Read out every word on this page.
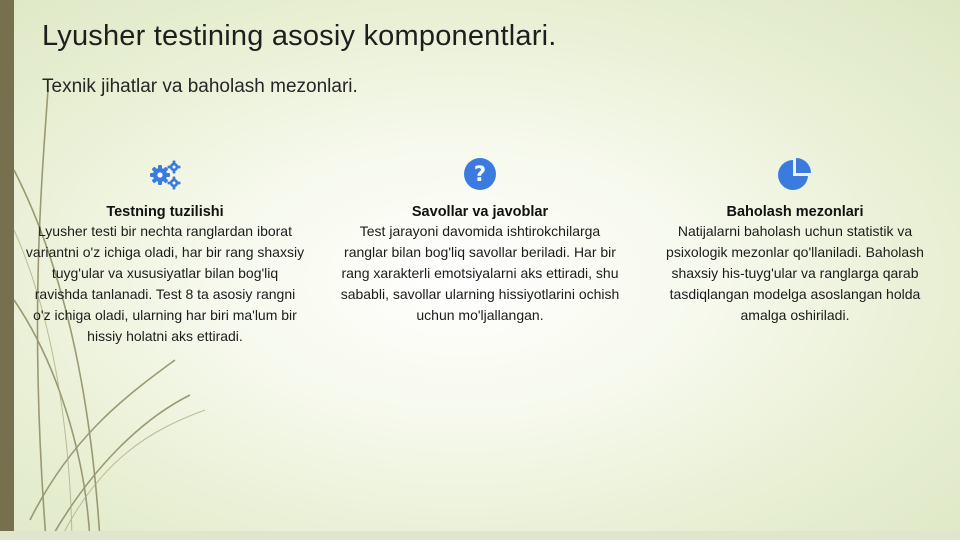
Lyusher testining asosiy komponentlari.

Texnik jihatlar va baholash mezonlari.

Testning tuzilishi

Lyusher testi bir nechta ranglardan iborat variantni o'z ichiga oladi, har bir rang shaxsiy tuyg'ular va xususiyatlar bilan bog'liq ravishda tanlanadi. Test 8 ta asosiy rangni o'z ichiga oladi, ularning har biri ma'lum bir hissiy holatni aks ettiradi.

?

Savollar va javoblar

Test jarayoni davomida ishtirokchilarga ranglar bilan bog'liq savollar beriladi. Har bir rang xarakterli emotsiyalarni aks ettiradi, shu sababli, savollar ularning hissiyotlarini ochish uchun mo'ljallangan.

Baholash mezonlari

Natijalarni baholash uchun statistik va psixologik mezonlar qo'llaniladi. Baholash shaxsiy his-tuyg'ular va ranglarga qarab tasdiqlangan modelga asoslangan holda amalga oshiriladi.
